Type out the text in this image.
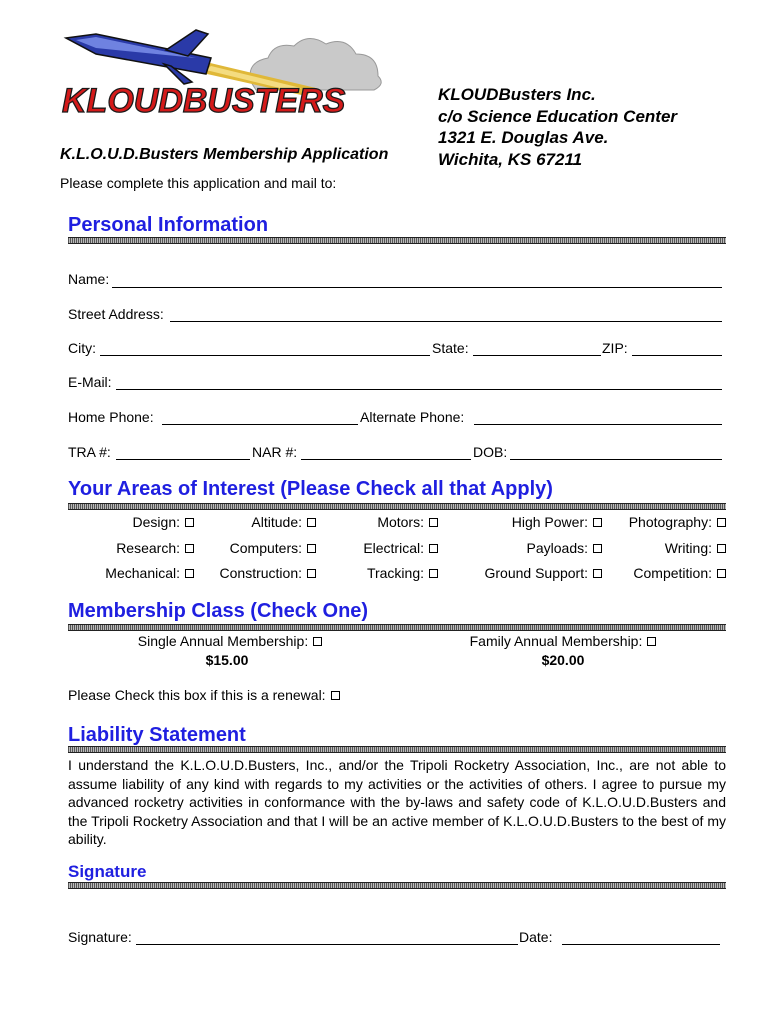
KLOUDBUSTERS	KLOUDBusters Inc.
c/o Science Education Center
1321 E. Douglas Ave.
Wichita, KS 67211
K.L.O.U.D.Busters Membership Application
Please complete this application and mail to:
Personal Information
Name:
Street Address:
City:	State:	ZIP:
E-Mail:
Home Phone:	Alternate Phone:
TRA #:	NAR #:	DOB:
Your Areas of Interest (Please Check all that Apply)
Design:	Altitude:	Motors:	High Power:	Photography:
Research:	Computers:	Electrical:	Payloads:	Writing:
Mechanical:	Construction:	Tracking:	Ground Support:	Competition:
Membership Class (Check One)
Single Annual Membership:
$15.00
Family Annual Membership:
$20.00
Please Check this box if this is a renewal:
Liability Statement
I understand the K.L.O.U.D.Busters, Inc., and/or the Tripoli Rocketry Association, Inc., are not able to assume liability of any kind with regards to my activities or the activities of others. I agree to pursue my advanced rocketry activities in conformance with the by-laws and safety code of K.L.O.U.D.Busters and the Tripoli Rocketry Association and that I will be an active member of K.L.O.U.D.Busters to the best of my ability.
Signature
Signature:	Date:
